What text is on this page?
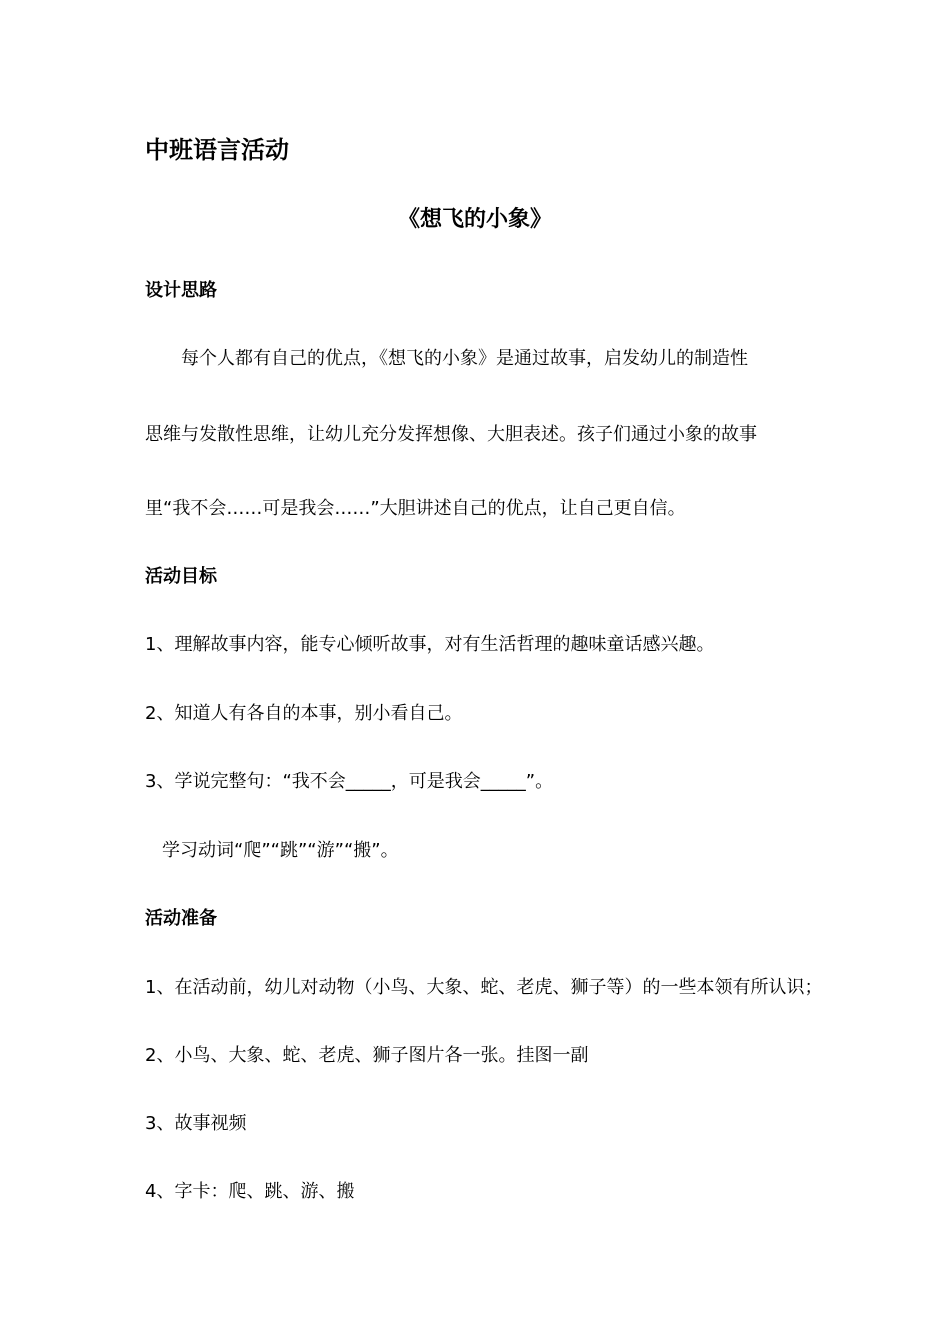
中班语言活动
《想飞的小象》
设计思路
每个人都有自己的优点，《想飞的小象》是通过故事，启发幼儿的制造性
思维与发散性思维，让幼儿充分发挥想像、大胆表述。孩子们通过小象的故事
里“我不会……可是我会……”大胆讲述自己的优点，让自己更自信。
活动目标
1、理解故事内容，能专心倾听故事，对有生活哲理的趣味童话感兴趣。
2、知道人有各自的本事，别小看自己。
3、学说完整句：“我不会_____，可是我会_____”。
学习动词“爬”“跳”“游”“搬”。
活动准备
1、在活动前，幼儿对动物（小鸟、大象、蛇、老虎、狮子等）的一些本领有所认识；
2、小鸟、大象、蛇、老虎、狮子图片各一张。挂图一副
3、故事视频
4、字卡：爬、跳、游、搬
